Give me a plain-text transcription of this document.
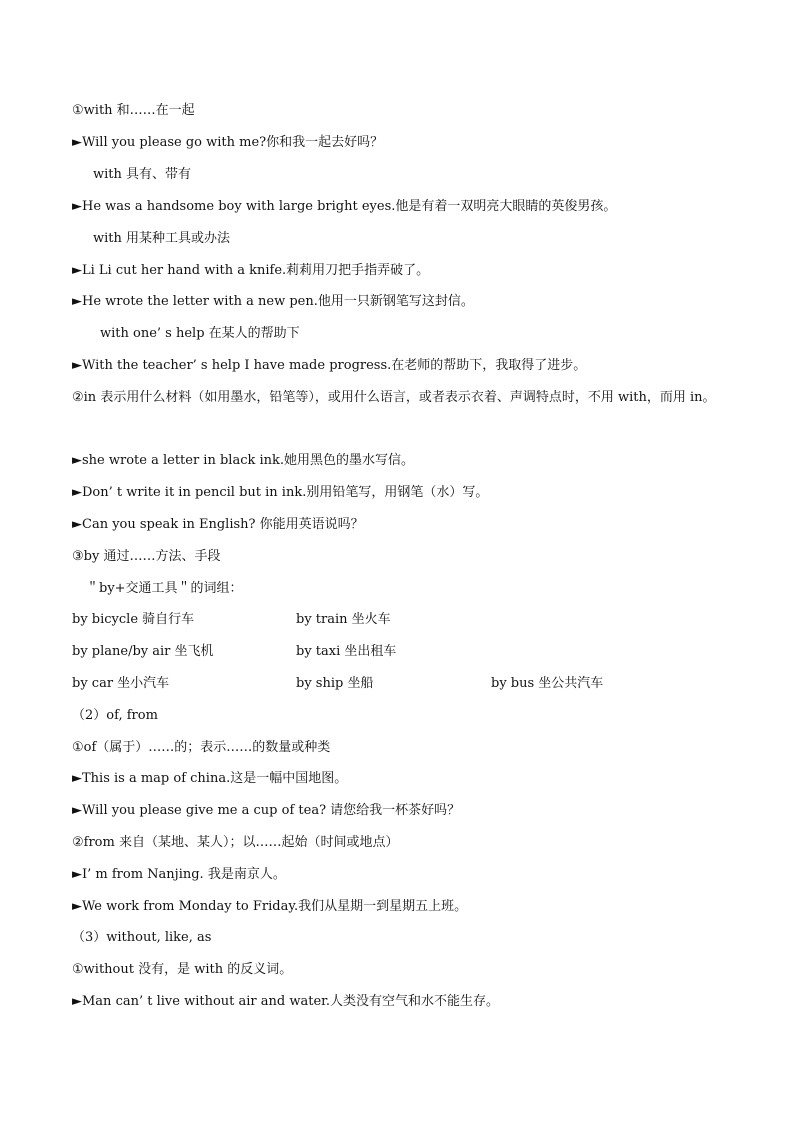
①with 和……在一起
►Will you please go with me?你和我一起去好吗？
with 具有、带有
►He was a handsome boy with large bright eyes.他是有着一双明亮大眼睛的英俊男孩。
with 用某种工具或办法
►Li Li cut her hand with a knife.莉莉用刀把手指弄破了。
►He wrote the letter with a new pen.他用一只新钢笔写这封信。
with one’ s help 在某人的帮助下
►With the teacher’ s help I have made progress.在老师的帮助下，我取得了进步。
②in 表示用什么材料（如用墨水，铅笔等），或用什么语言，或者表示衣着、声调特点时，不用 with，而用 in。
►she wrote a letter in black ink.她用黑色的墨水写信。
►Don’ t write it in pencil but in ink.别用铅笔写，用钢笔（水）写。
►Can you speak in English? 你能用英语说吗？
③by 通过……方法、手段
＂by+交通工具＂的词组：
by bicycle 骑自行车	by train 坐火车
by plane/by air 坐飞机	by taxi 坐出租车
by car 坐小汽车	by ship 坐船	by bus 坐公共汽车
（2）of, from
①of（属于）……的；表示……的数量或种类
►This is a map of china.这是一幅中国地图。
►Will you please give me a cup of tea? 请您给我一杯茶好吗？
②from 来自（某地、某人）；以……起始（时间或地点）
►I’ m from Nanjing. 我是南京人。
►We work from Monday to Friday.我们从星期一到星期五上班。
（3）without, like, as
①without 没有，是 with 的反义词。
►Man can’ t live without air and water.人类没有空气和水不能生存。
